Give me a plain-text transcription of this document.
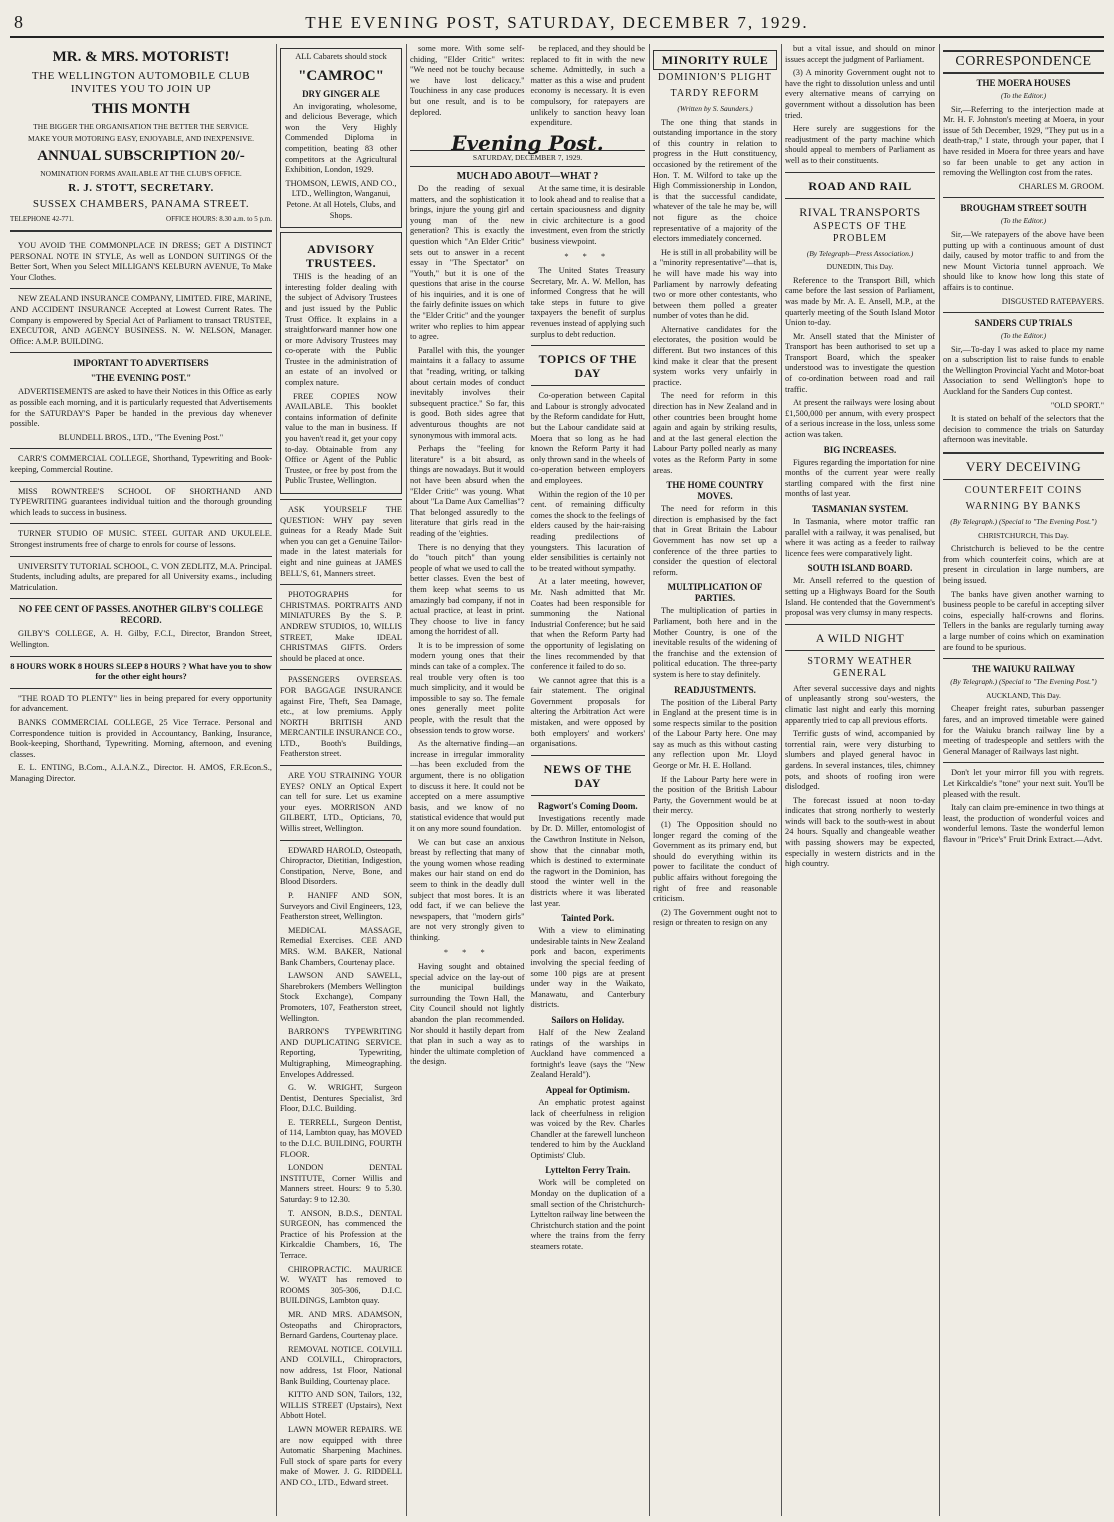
8	THE EVENING POST, SATURDAY, DECEMBER 7, 1929.
MR. & MRS. MOTORIST!
THE WELLINGTON AUTOMOBILE CLUB INVITES YOU TO JOIN UP
THIS MONTH
THE BIGGER THE ORGANISATION THE BETTER THE SERVICE.
MAKE YOUR MOTORING EASY, ENJOYABLE, AND INEXPENSIVE.
ANNUAL SUBSCRIPTION 20/-
NOMINATION FORMS AVAILABLE AT THE CLUB'S OFFICE.
R. J. STOTT, SECRETARY.
SUSSEX CHAMBERS, PANAMA STREET.
TELEPHONE 42-771.	OFFICE HOURS: 8.30 a.m. to 5 p.m.

YOU AVOID THE COMMONPLACE IN DRESS; GET A DISTINCT PERSONAL NOTE IN STYLE, As well as LONDON SUITINGS Of the Better Sort, When you Select MILLIGAN'S KELBURN AVENUE, To Make Your Clothes.

NEW ZEALAND INSURANCE COMPANY, LIMITED. FIRE, MARINE, AND ACCIDENT INSURANCE Accepted at Lowest Current Rates. The Company is empowered by Special Act of Parliament to transact TRUSTEE, EXECUTOR, AND AGENCY BUSINESS. N. W. NELSON, Manager. Office: A.M.P. BUILDING.

IMPORTANT TO ADVERTISERS
"THE EVENING POST."

ADVERTISEMENTS are asked to have their Notices in this Office as early as possible each morning, and it is particularly requested that Advertisements for the SATURDAY'S Paper be handed in the previous day whenever possible.

BLUNDELL BROS., LTD., "The Evening Post."

CARR'S COMMERCIAL COLLEGE, Shorthand, Typewriting and Book-keeping, Commercial Routine.

MISS ROWNTREE'S SCHOOL OF SHORTHAND AND TYPEWRITING guarantees individual tuition and the thorough grounding which leads to success in business.

TURNER STUDIO OF MUSIC. STEEL GUITAR AND UKULELE. Strongest instruments free of charge to enrols for course of lessons.

UNIVERSITY TUTORIAL SCHOOL, C. VON ZEDLITZ, M.A. Principal. Students, including adults, are prepared for all University exams., including Matriculation.

NO FEE CENT OF PASSES. ANOTHER GILBY'S COLLEGE RECORD.

GILBY'S COLLEGE, A. H. Gilby, F.C.I., Director, Brandon Street, Wellington.

8 HOURS WORK 8 HOURS SLEEP 8 HOURS ? What have you to show for the other eight hours?

"THE ROAD TO PLENTY" lies in being prepared for every opportunity for advancement.

BANKS COMMERCIAL COLLEGE, 25 Vice Terrace. Personal and Correspondence tuition is provided in Accountancy, Banking, Insurance, Book-keeping, Shorthand, Typewriting. Morning, afternoon, and evening classes.

E. L. ENTING, B.Com., A.I.A.N.Z., Director. H. AMOS, F.R.Econ.S., Managing Director.

ALL Cabarets should stock
"CAMROC"
DRY GINGER ALE

An invigorating, wholesome, and delicious Beverage, which won the Very Highly Commended Diploma in competition, beating 83 other competitors at the Agricultural Exhibition, London, 1929.

THOMSON, LEWIS, AND CO., LTD., Wellington, Wanganui, Petone. At all Hotels, Clubs, and Shops.

ADVISORY TRUSTEES.

THIS is the heading of an interesting folder dealing with the subject of Advisory Trustees and just issued by the Public Trust Office. It explains in a straightforward manner how one or more Advisory Trustees may co-operate with the Public Trustee in the administration of an estate of an involved or complex nature.

FREE COPIES NOW AVAILABLE. This booklet contains information of definite value to the man in business. If you haven't read it, get your copy to-day. Obtainable from any Office or Agent of the Public Trustee, or free by post from the Public Trustee, Wellington.

ASK YOURSELF THE QUESTION: WHY pay seven guineas for a Ready Made Suit when you can get a Genuine Tailor-made in the latest materials for eight and nine guineas at JAMES BELL'S, 61, Manners street.

PHOTOGRAPHS for CHRISTMAS. PORTRAITS AND MINIATURES By the S. P. ANDREW STUDIOS, 10, WILLIS STREET, Make IDEAL CHRISTMAS GIFTS. Orders should be placed at once.

PASSENGERS OVERSEAS. FOR BAGGAGE INSURANCE against Fire, Theft, Sea Damage, etc., at low premiums. Apply NORTH BRITISH AND MERCANTILE INSURANCE CO., LTD., Booth's Buildings, Featherston street.

ARE YOU STRAINING YOUR EYES? ONLY an Optical Expert can tell for sure. Let us examine your eyes. MORRISON AND GILBERT, LTD., Opticians, 70, Willis street, Wellington.

EDWARD HAROLD, Osteopath, Chiropractor, Dietitian, Indigestion, Constipation, Nerve, Bone, and Blood Disorders.

P. HANIFF AND SON, Surveyors and Civil Engineers, 123, Featherston street, Wellington.

MEDICAL MASSAGE, Remedial Exercises. CEE AND MRS. W.M. BAKER, National Bank Chambers, Courtenay place.

LAWSON AND SAWELL, Sharebrokers (Members Wellington Stock Exchange), Company Promoters, 107, Featherston street, Wellington.

BARRON'S TYPEWRITING AND DUPLICATING SERVICE. Reporting, Typewriting, Multigraphing, Mimeographing. Envelopes Addressed.

G. W. WRIGHT, Surgeon Dentist, Dentures Specialist, 3rd Floor, D.I.C. Building.

E. TERRELL, Surgeon Dentist, of 114, Lambton quay, has MOVED to the D.I.C. BUILDING, FOURTH FLOOR.

LONDON DENTAL INSTITUTE, Corner Willis and Manners street. Hours: 9 to 5.30. Saturday: 9 to 12.30.

T. ANSON, B.D.S., DENTAL SURGEON, has commenced the Practice of his Profession at the Kirkcaldie Chambers, 16, The Terrace.

CHIROPRACTIC. MAURICE W. WYATT has removed to ROOMS 305-306, D.I.C. BUILDINGS, Lambton quay.

MR. AND MRS. ADAMSON, Osteopaths and Chiropractors, Bernard Gardens, Courtenay place.

REMOVAL NOTICE. COLVILL AND COLVILL, Chiropractors, now address, 1st Floor, National Bank Building, Courtenay place.

KITTO AND SON, Tailors, 132, WILLIS STREET (Upstairs), Next Abbott Hotel.

LAWN MOWER REPAIRS. WE are now equipped with three Automatic Sharpening Machines. Full stock of spare parts for every make of Mower. J. G. RIDDELL AND CO., LTD., Edward street.

some more. With some self-chiding, "Elder Critic" writes: "We need not be touchy because we have lost delicacy." Touchiness in any case produces but one result, and is to be deplored.

be replaced, and they should be replaced to fit in with the new scheme. Admittedly, in such a matter as this a wise and prudent economy is necessary. It is even compulsory, for ratepayers are unlikely to sanction heavy loan expenditure.

Evening Post.
SATURDAY, DECEMBER 7, 1929.
MUCH ADO ABOUT—WHAT ?

Do the reading of sexual matters, and the sophistication it brings, injure the young girl and young man of the new generation? This is exactly the question which "An Elder Critic" sets out to answer in a recent essay in "The Spectator" on "Youth," but it is one of the questions that arise in the course of his inquiries, and it is one of the fairly definite issues on which the "Elder Critic" and the younger writer who replies to him appear to agree.

Parallel with this, the younger maintains it a fallacy to assume that "reading, writing, or talking about certain modes of conduct inevitably involves their subsequent practice." So far, this is good. Both sides agree that adventurous thoughts are not synonymous with immoral acts.

Perhaps the "feeling for literature" is a bit absurd, as things are nowadays. But it would not have been absurd when the "Elder Critic" was young. What about "La Dame Aux Camellias"? That belonged assuredly to the literature that girls read in the reading of the 'eighties.

There is no denying that they do "touch pitch" than young people of what we used to call the better classes. Even the best of them keep what seems to us amazingly bad company, if not in actual practice, at least in print. They choose to live in fancy among the horridest of all.

It is to be impression of some modern young ones that their minds can take of a complex. The real trouble very often is too much simplicity, and it would be impossible to say so. The female ones generally meet polite people, with the result that the obsession tends to grow worse.

As the alternative finding—an increase in irregular immorality—has been excluded from the argument, there is no obligation to discuss it here. It could not be accepted on a mere assumptive basis, and we know of no statistical evidence that would put it on any more sound foundation.

We can but case an anxious breast by reflecting that many of the young women whose reading makes our hair stand on end do seem to think in the deadly dull subject that most bores. It is an odd fact, if we can believe the newspapers, that "modern girls" are not very strongly given to thinking.

* * *

Having sought and obtained special advice on the lay-out of the municipal buildings surrounding the Town Hall, the City Council should not lightly abandon the plan recommended. Nor should it hastily depart from that plan in such a way as to hinder the ultimate completion of the design.

At the same time, it is desirable to look ahead and to realise that a certain spaciousness and dignity in civic architecture is a good investment, even from the strictly business viewpoint.

* * *

The United States Treasury Secretary, Mr. A. W. Mellon, has informed Congress that he will take steps in future to give taxpayers the benefit of surplus revenues instead of applying such surplus to debt reduction.

TOPICS OF THE DAY

Co-operation between Capital and Labour is strongly advocated by the Reform candidate for Hutt, but the Labour candidate said at Moera that so long as he had known the Reform Party it had only thrown sand in the wheels of co-operation between employers and employees.

Within the region of the 10 per cent. of remaining difficulty comes the shock to the feelings of elders caused by the hair-raising reading predilections of youngsters. This lacuration of elder sensibilities is certainly not to be treated without sympathy.

At a later meeting, however, Mr. Nash admitted that Mr. Coates had been responsible for summoning the National Industrial Conference; but he said that when the Reform Party had the opportunity of legislating on the lines recommended by that conference it failed to do so.

We cannot agree that this is a fair statement. The original Government proposals for altering the Arbitration Act were mistaken, and were opposed by both employers' and workers' organisations.

NEWS OF THE DAY
Ragwort's Coming Doom.

Investigations recently made by Dr. D. Miller, entomologist of the Cawthron Institute in Nelson, show that the cinnabar moth, which is destined to exterminate the ragwort in the Dominion, has stood the winter well in the districts where it was liberated last year.

Tainted Pork.

With a view to eliminating undesirable taints in New Zealand pork and bacon, experiments involving the special feeding of some 100 pigs are at present under way in the Waikato, Manawatu, and Canterbury districts.

Sailors on Holiday.

Half of the New Zealand ratings of the warships in Auckland have commenced a fortnight's leave (says the "New Zealand Herald").

Appeal for Optimism.

An emphatic protest against lack of cheerfulness in religion was voiced by the Rev. Charles Chandler at the farewell luncheon tendered to him by the Auckland Optimists' Club.

Lyttelton Ferry Train.

Work will be completed on Monday on the duplication of a small section of the Christchurch-Lyttelton railway line between the Christchurch station and the point where the trains from the ferry steamers rotate.

MINORITY RULE
DOMINION'S PLIGHT
TARDY REFORM
(Written by S. Saunders.)

The one thing that stands in outstanding importance in the story of this country in relation to progress in the Hutt constituency, occasioned by the retirement of the Hon. T. M. Wilford to take up the High Commissionership in London, is that the successful candidate, whatever of the tale he may be, will not figure as the choice representative of a majority of the electors immediately concerned.

He is still in all probability will be a "minority representative"—that is, he will have made his way into Parliament by narrowly defeating two or more other contestants, who between them polled a greater number of votes than he did.

Alternative candidates for the electorates, the position would be different. But two instances of this kind make it clear that the present system works very unfairly in practice.

The need for reform in this direction has in New Zealand and in other countries been brought home again and again by striking results, and at the last general election the Labour Party polled nearly as many votes as the Reform Party in some areas.

THE HOME COUNTRY MOVES.

The need for reform in this direction is emphasised by the fact that in Great Britain the Labour Government has now set up a conference of the three parties to consider the question of electoral reform.

MULTIPLICATION OF PARTIES.

The multiplication of parties in Parliament, both here and in the Mother Country, is one of the inevitable results of the widening of the franchise and the extension of political education. The three-party system is here to stay definitely.

READJUSTMENTS.

The position of the Liberal Party in England at the present time is in some respects similar to the position of the Labour Party here. One may say as much as this without casting any reflection upon Mr. Lloyd George or Mr. H. E. Holland.

If the Labour Party here were in the position of the British Labour Party, the Government would be at their mercy.

(1) The Opposition should no longer regard the coming of the Government as its primary end, but should do everything within its power to facilitate the conduct of public affairs without foregoing the right of free and reasonable criticism.

(2) The Government ought not to resign or threaten to resign on any

but a vital issue, and should on minor issues accept the judgment of Parliament.

(3) A minority Government ought not to have the right to dissolution unless and until every alternative means of carrying on government without a dissolution has been tried.

Here surely are suggestions for the readjustment of the party machine which should appeal to members of Parliament as well as to their constituents.

ROAD AND RAIL
RIVAL TRANSPORTS
ASPECTS OF THE PROBLEM
(By Telegraph—Press Association.)
DUNEDIN, This Day.

Reference to the Transport Bill, which came before the last session of Parliament, was made by Mr. A. E. Ansell, M.P., at the quarterly meeting of the South Island Motor Union to-day.

Mr. Ansell stated that the Minister of Transport has been authorised to set up a Transport Board, which the speaker understood was to investigate the question of co-ordination between road and rail traffic.

At present the railways were losing about £1,500,000 per annum, with every prospect of a serious increase in the loss, unless some action was taken.

BIG INCREASES.

Figures regarding the importation for nine months of the current year were really startling compared with the first nine months of last year.

TASMANIAN SYSTEM.

In Tasmania, where motor traffic ran parallel with a railway, it was penalised, but where it was acting as a feeder to railway licence fees were comparatively light.

SOUTH ISLAND BOARD.

Mr. Ansell referred to the question of setting up a Highways Board for the South Island. He contended that the Government's proposal was very clumsy in many respects.

A WILD NIGHT
STORMY WEATHER GENERAL

After several successive days and nights of unpleasantly strong sou'-westers, the climatic last night and early this morning apparently tried to cap all previous efforts.

Terrific gusts of wind, accompanied by torrential rain, were very disturbing to slumbers and played general havoc in gardens. In several instances, tiles, chimney pots, and shoots of roofing iron were dislodged.

The forecast issued at noon to-day indicates that strong northerly to westerly winds will back to the south-west in about 24 hours. Squally and changeable weather with passing showers may be expected, especially in western districts and in the high country.

CORRESPONDENCE
THE MOERA HOUSES
(To the Editor.)

Sir,—Referring to the interjection made at Mr. H. F. Johnston's meeting at Moera, in your issue of 5th December, 1929, "They put us in a death-trap," I state, through your paper, that I have resided in Moera for three years and have so far been unable to get any action in removing the Wellington cost from the rates.

CHARLES M. GROOM.

BROUGHAM STREET SOUTH
(To the Editor.)

Sir,—We ratepayers of the above have been putting up with a continuous amount of dust daily, caused by motor traffic to and from the new Mount Victoria tunnel approach. We should like to know how long this state of affairs is to continue.

DISGUSTED RATEPAYERS.

SANDERS CUP TRIALS
(To the Editor.)

Sir,—To-day I was asked to place my name on a subscription list to raise funds to enable the Wellington Provincial Yacht and Motor-boat Association to send Wellington's hope to Auckland for the Sanders Cup contest.

"OLD SPORT."

It is stated on behalf of the selectors that the decision to commence the trials on Saturday afternoon was inevitable.

VERY DECEIVING
COUNTERFEIT COINS
WARNING BY BANKS
(By Telegraph.) (Special to "The Evening Post.")
CHRISTCHURCH, This Day.

Christchurch is believed to be the centre from which counterfeit coins, which are at present in circulation in large numbers, are being issued.

The banks have given another warning to business people to be careful in accepting silver coins, especially half-crowns and florins. Tellers in the banks are regularly turning away a large number of coins which on examination are found to be spurious.

THE WAIUKU RAILWAY
(By Telegraph.) (Special to "The Evening Post.")
AUCKLAND, This Day.

Cheaper freight rates, suburban passenger fares, and an improved timetable were gained for the Waiuku branch railway line by a meeting of tradespeople and settlers with the General Manager of Railways last night.

Don't let your mirror fill you with regrets. Let Kirkcaldie's "tone" your next suit. You'll be pleased with the result.

Italy can claim pre-eminence in two things at least, the production of wonderful voices and wonderful lemons. Taste the wonderful lemon flavour in "Price's" Fruit Drink Extract.—Advt.
